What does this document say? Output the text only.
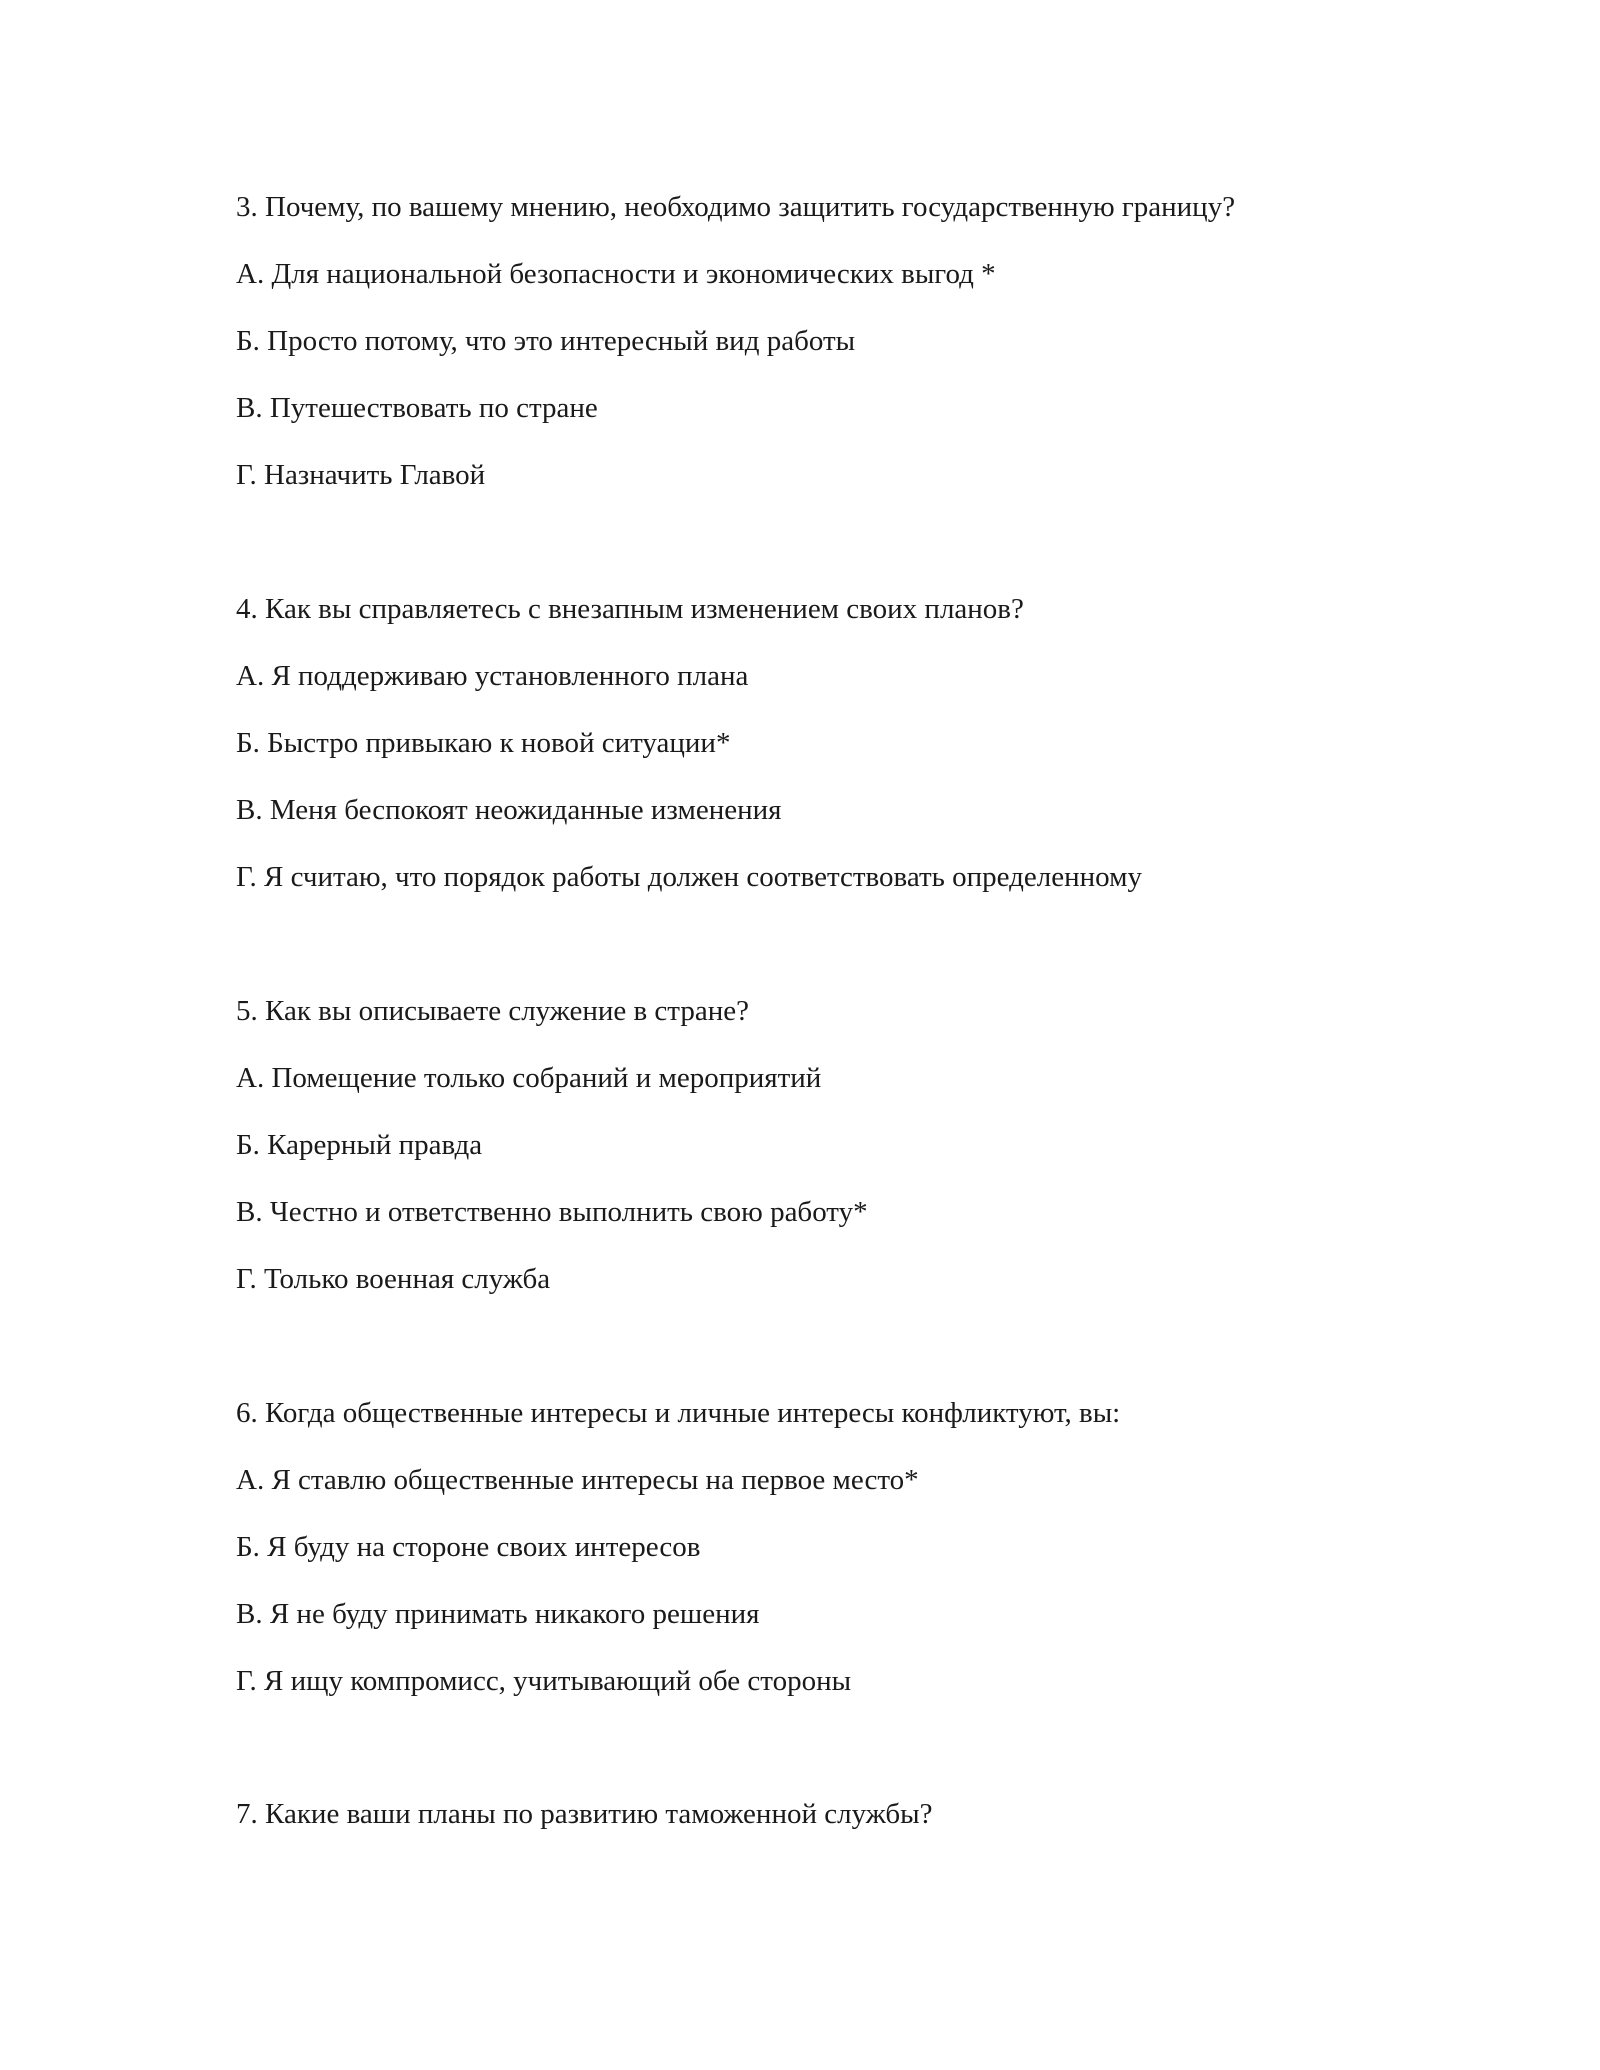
3. Почему, по вашему мнению, необходимо защитить государственную границу?
А. Для национальной безопасности и экономических выгод *
Б. Просто потому, что это интересный вид работы
В. Путешествовать по стране
Г. Назначить Главой
4. Как вы справляетесь с внезапным изменением своих планов?
А. Я поддерживаю установленного плана
Б. Быстро привыкаю к новой ситуации*
В. Меня беспокоят неожиданные изменения
Г. Я считаю, что порядок работы должен соответствовать определенному
5. Как вы описываете служение в стране?
А. Помещение только собраний и мероприятий
Б. Карерный правда
В. Честно и ответственно выполнить свою работу*
Г. Только военная служба
6. Когда общественные интересы и личные интересы конфликтуют, вы:
А. Я ставлю общественные интересы на первое место*
Б. Я буду на стороне своих интересов
В. Я не буду принимать никакого решения
Г. Я ищу компромисс, учитывающий обе стороны
7. Какие ваши планы по развитию таможенной службы?
